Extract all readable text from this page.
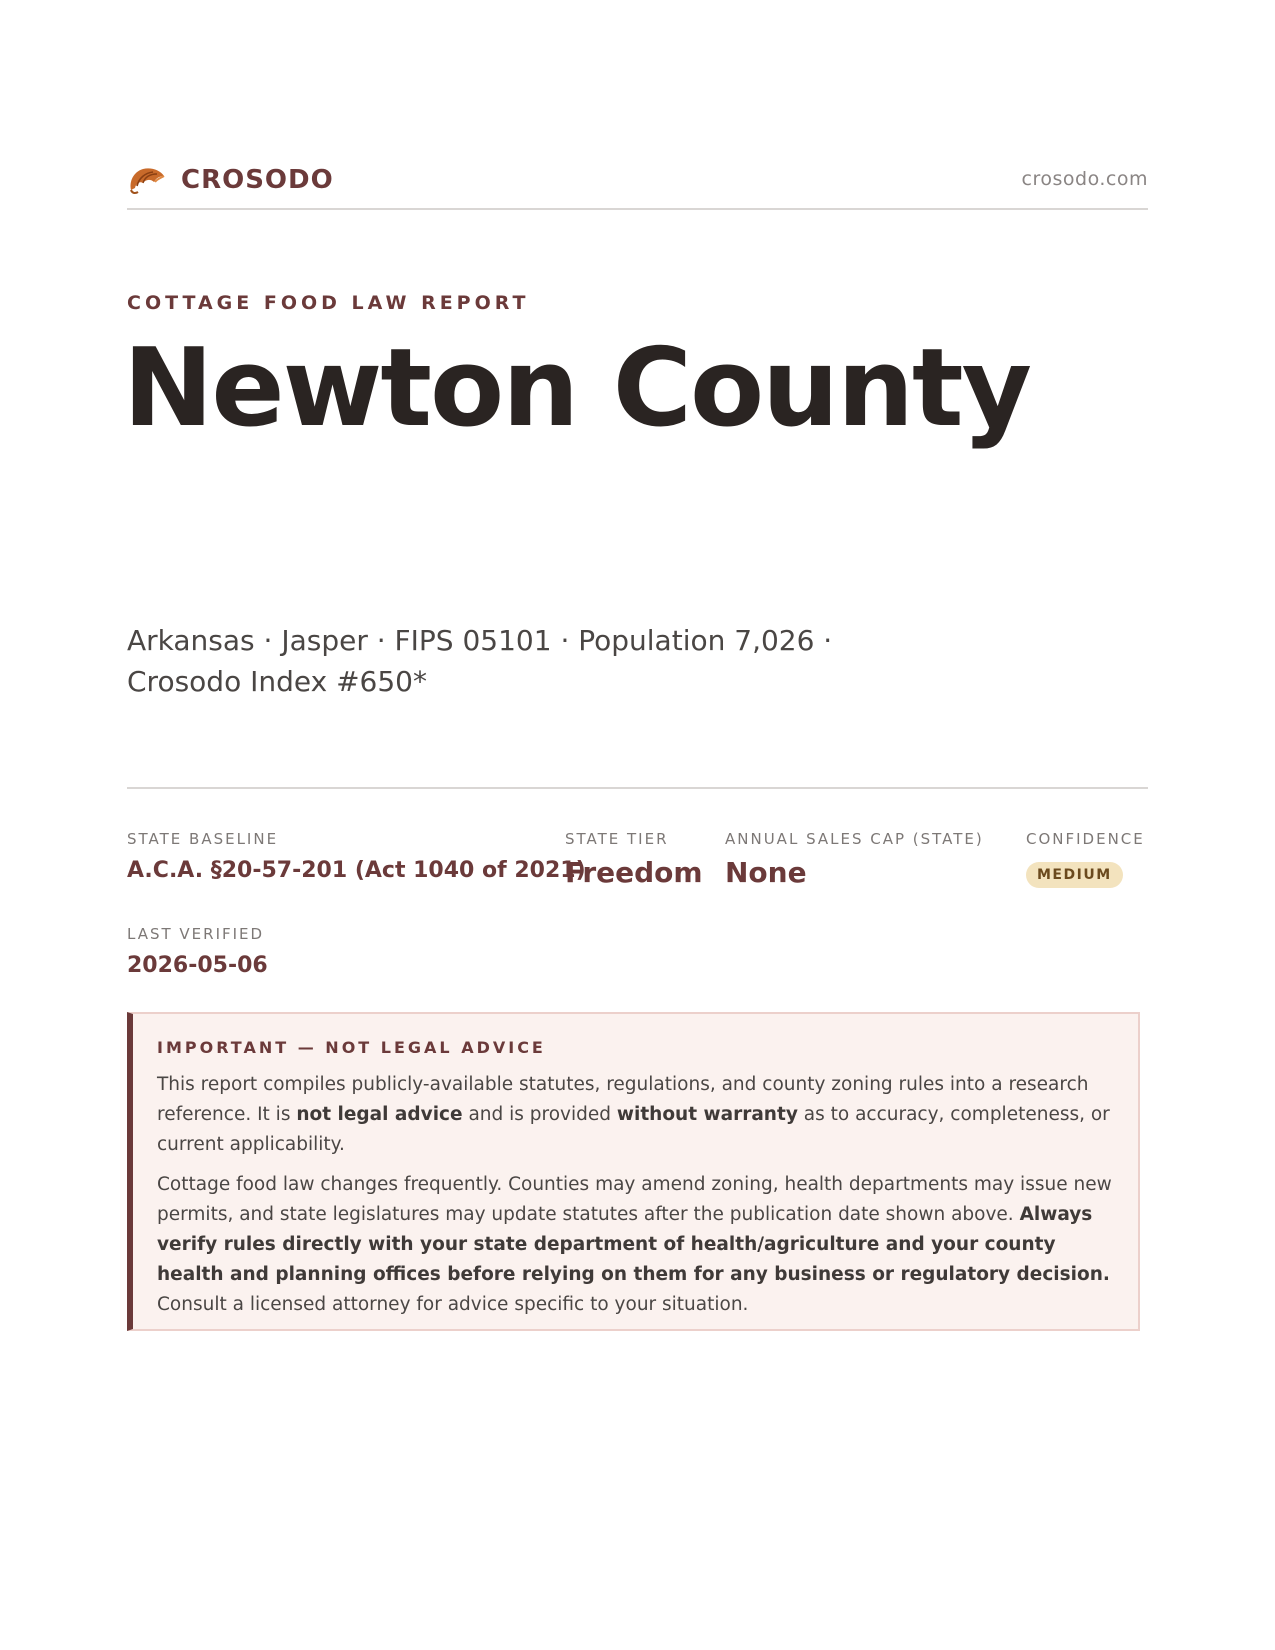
CROSODO	crosodo.com
COTTAGE FOOD LAW REPORT
Newton County
Arkansas · Jasper · FIPS 05101 · Population 7,026 · Crosodo Index #650*
STATE BASELINE
A.C.A. §20-57-201 (Act 1040 of 2021)
STATE TIER
Freedom
ANNUAL SALES CAP (STATE)
None
CONFIDENCE
MEDIUM
LAST VERIFIED
2026-05-06
IMPORTANT — NOT LEGAL ADVICE

This report compiles publicly-available statutes, regulations, and county zoning rules into a research reference. It is not legal advice and is provided without warranty as to accuracy, completeness, or current applicability.

Cottage food law changes frequently. Counties may amend zoning, health departments may issue new permits, and state legislatures may update statutes after the publication date shown above. Always verify rules directly with your state department of health/agriculture and your county health and planning offices before relying on them for any business or regulatory decision. Consult a licensed attorney for advice specific to your situation.
